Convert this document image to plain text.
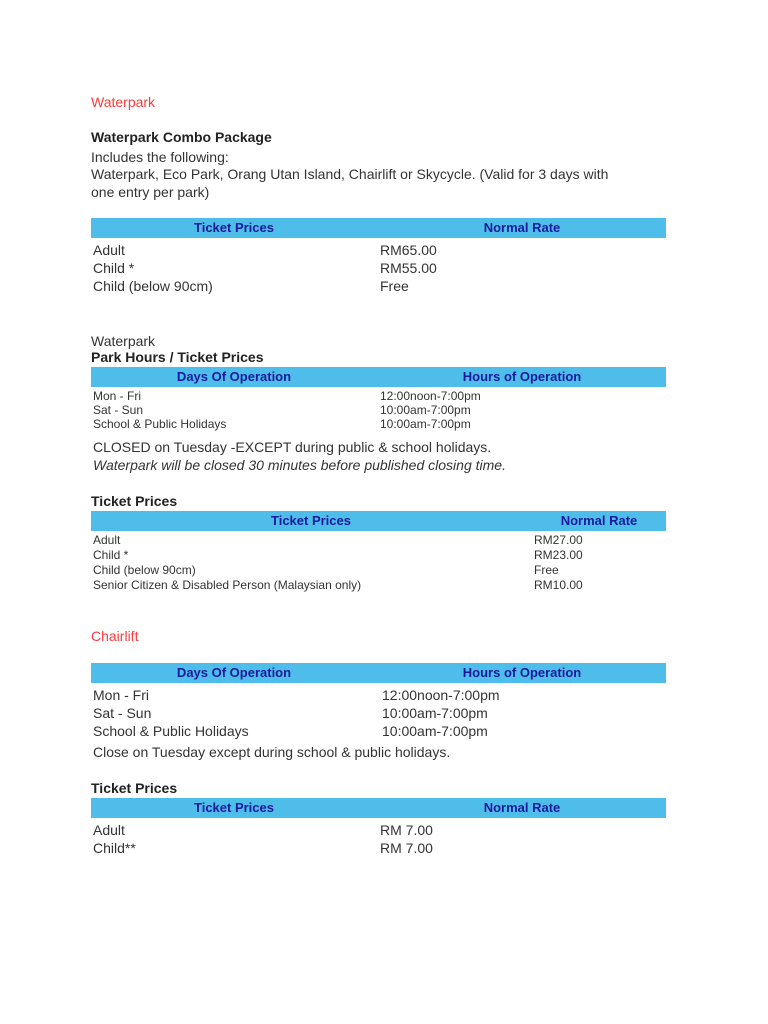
Waterpark
Waterpark Combo Package
Includes the following:
Waterpark, Eco Park, Orang Utan Island, Chairlift or Skycycle. (Valid for 3 days with
one entry per park)
Ticket Prices	Normal Rate
Adult	RM65.00
Child *	RM55.00
Child (below 90cm)	Free
Waterpark
Park Hours / Ticket Prices
Days Of Operation	Hours of Operation
Mon - Fri	12:00noon-7:00pm
Sat - Sun	10:00am-7:00pm
School & Public Holidays	10:00am-7:00pm
CLOSED on Tuesday -EXCEPT during public & school holidays.
Waterpark will be closed 30 minutes before published closing time.
Ticket Prices
Ticket Prices	Normal Rate
Adult	RM27.00
Child *	RM23.00
Child (below 90cm)	Free
Senior Citizen & Disabled Person (Malaysian only)	RM10.00
Chairlift
Days Of Operation	Hours of Operation
Mon - Fri	12:00noon-7:00pm
Sat - Sun	10:00am-7:00pm
School & Public Holidays	10:00am-7:00pm
Close on Tuesday except during school & public holidays.
Ticket Prices
Ticket Prices	Normal Rate
Adult	RM 7.00
Child**	RM 7.00
